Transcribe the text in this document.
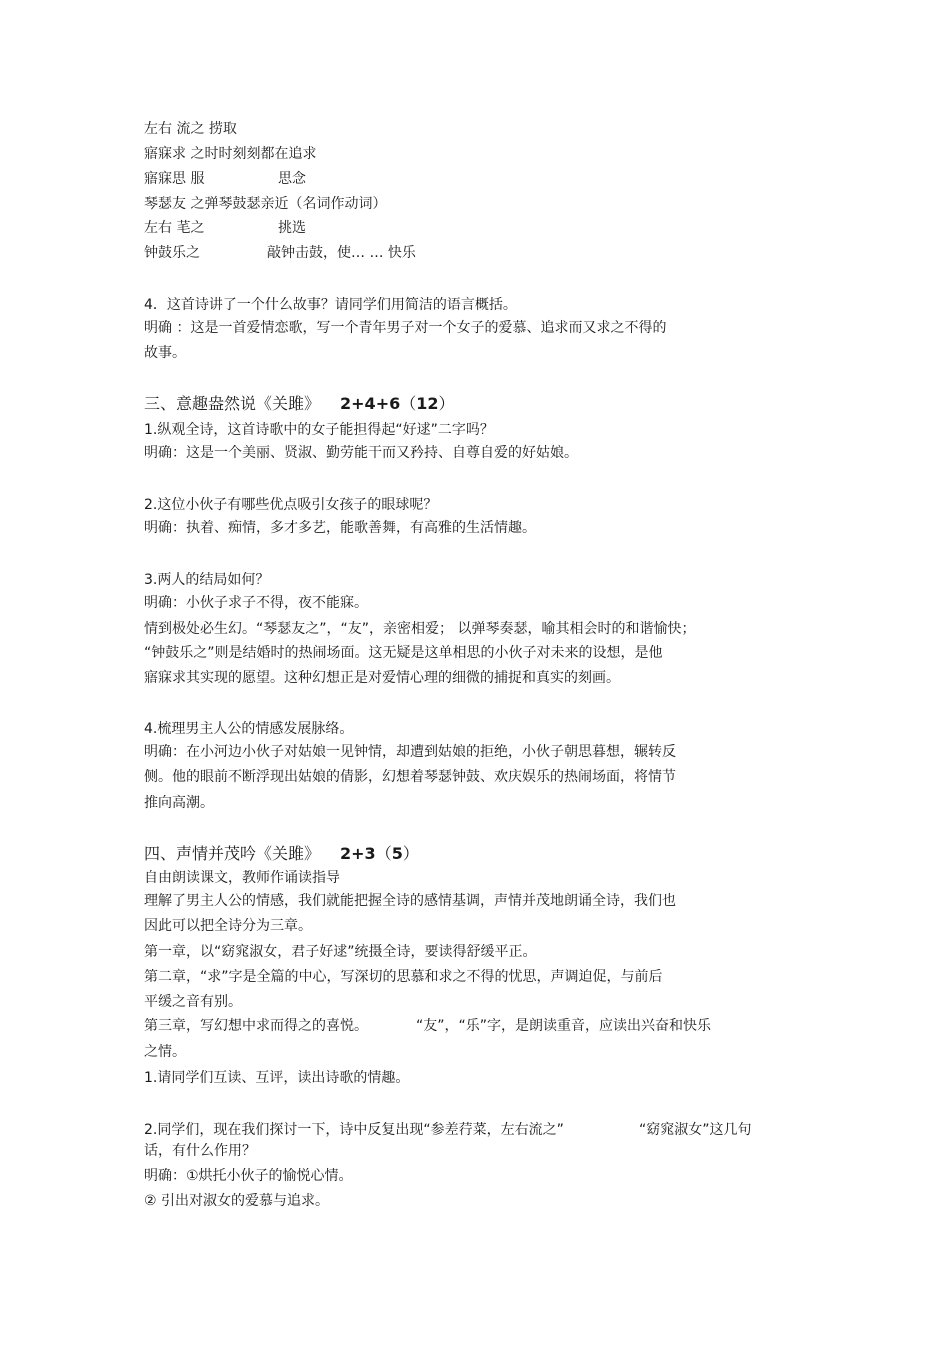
左右 流之 捞取

寤寐求 之时时刻刻都在追求

寤寐思 服	思念

琴瑟友 之弹琴鼓瑟亲近（名词作动词）

左右 芼之	挑选

钟鼓乐之	敲钟击鼓，使… … 快乐

4．这首诗讲了一个什么故事？请同学们用简洁的语言概括。

明确 ：这是一首爱情恋歌，写一个青年男子对一个女子的爱慕、追求而又求之不得的

故事。

三、意趣盎然说《关雎》 2+4+6（12）

1.纵观全诗，这首诗歌中的女子能担得起“好逑”二字吗？

明确：这是一个美丽、贤淑、勤劳能干而又矜持、自尊自爱的好姑娘。

2.这位小伙子有哪些优点吸引女孩子的眼球呢？

明确：执着、痴情，多才多艺，能歌善舞，有高雅的生活情趣。

3.两人的结局如何？

明确：小伙子求子不得，夜不能寐。

情到极处必生幻。“琴瑟友之”，“友”，亲密相爱； 以弹琴奏瑟，喻其相会时的和谐愉快；

“钟鼓乐之”则是结婚时的热闹场面。这无疑是这单相思的小伙子对未来的设想，是他

寤寐求其实现的愿望。这种幻想正是对爱情心理的细微的捕捉和真实的刻画。

4.梳理男主人公的情感发展脉络。

明确：在小河边小伙子对姑娘一见钟情，却遭到姑娘的拒绝，小伙子朝思暮想，辗转反

侧。他的眼前不断浮现出姑娘的倩影，幻想着琴瑟钟鼓、欢庆娱乐的热闹场面，将情节

推向高潮。

四、声情并茂吟《关雎》 2+3（5）

自由朗读课文，教师作诵读指导

理解了男主人公的情感，我们就能把握全诗的感情基调，声情并茂地朗诵全诗，我们也

因此可以把全诗分为三章。

第一章，以“窈窕淑女，君子好逑”统摄全诗，要读得舒缓平正。

第二章，“求”字是全篇的中心，写深切的思慕和求之不得的忧思，声调迫促，与前后

平缓之音有别。

第三章，写幻想中求而得之的喜悦。	“友”，“乐”字，是朗读重音，应读出兴奋和快乐

之情。

1.请同学们互读、互评，读出诗歌的情趣。

2.同学们，现在我们探讨一下，诗中反复出现“参差荇菜，左右流之”	“窈窕淑女”这几句

话，有什么作用？

明确：①烘托小伙子的愉悦心情。

② 引出对淑女的爱慕与追求。
